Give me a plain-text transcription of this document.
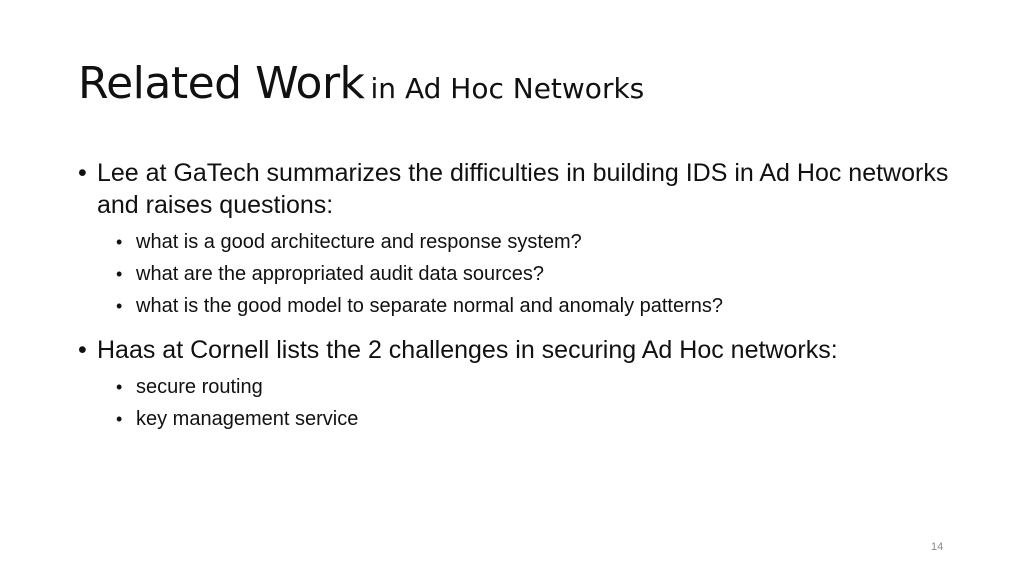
Related Work in Ad Hoc Networks
• Lee at GaTech summarizes the difficulties in building IDS in Ad Hoc networks and raises questions:
• what is a good architecture and response system?
• what are the appropriated audit data sources?
• what is the good model to separate normal and anomaly patterns?
• Haas at Cornell lists the 2 challenges in securing Ad Hoc networks:
• secure routing
• key management service
14
